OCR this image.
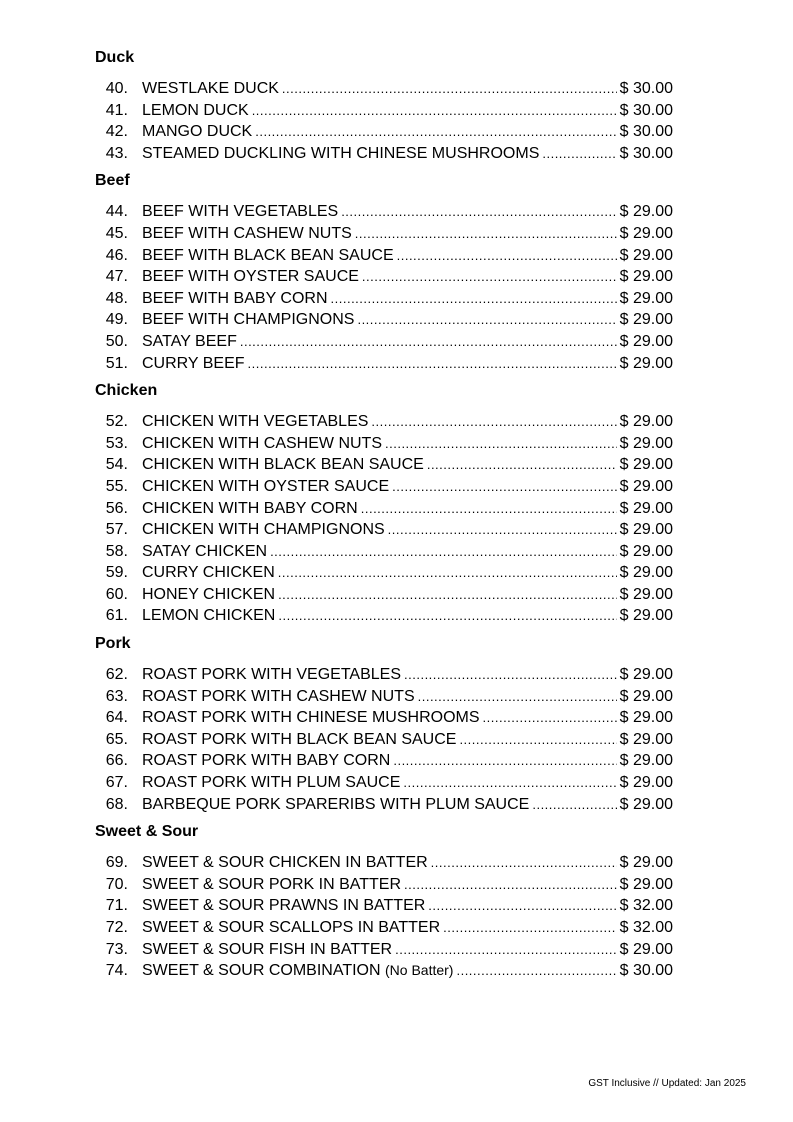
Duck
40. WESTLAKE DUCK .....	$ 30.00
41. LEMON DUCK .....	$ 30.00
42. MANGO DUCK .....	$ 30.00
43. STEAMED DUCKLING WITH CHINESE MUSHROOMS .....	$ 30.00
Beef
44. BEEF WITH VEGETABLES .....	$ 29.00
45. BEEF WITH CASHEW NUTS .....	$ 29.00
46. BEEF WITH BLACK BEAN SAUCE .....	$ 29.00
47. BEEF WITH OYSTER SAUCE .....	$ 29.00
48. BEEF WITH BABY CORN .....	$ 29.00
49. BEEF WITH CHAMPIGNONS .....	$ 29.00
50. SATAY BEEF .....	$ 29.00
51. CURRY BEEF .....	$ 29.00
Chicken
52. CHICKEN WITH VEGETABLES .....	$ 29.00
53. CHICKEN WITH CASHEW NUTS .....	$ 29.00
54. CHICKEN WITH BLACK BEAN SAUCE .....	$ 29.00
55. CHICKEN WITH OYSTER SAUCE .....	$ 29.00
56. CHICKEN WITH BABY CORN .....	$ 29.00
57. CHICKEN WITH CHAMPIGNONS .....	$ 29.00
58. SATAY CHICKEN .....	$ 29.00
59. CURRY CHICKEN .....	$ 29.00
60. HONEY CHICKEN .....	$ 29.00
61. LEMON CHICKEN .....	$ 29.00
Pork
62. ROAST PORK WITH VEGETABLES .....	$ 29.00
63. ROAST PORK WITH CASHEW NUTS .....	$ 29.00
64. ROAST PORK WITH CHINESE MUSHROOMS .....	$ 29.00
65. ROAST PORK WITH BLACK BEAN SAUCE .....	$ 29.00
66. ROAST PORK WITH BABY CORN .....	$ 29.00
67. ROAST PORK WITH PLUM SAUCE .....	$ 29.00
68. BARBEQUE PORK SPARERIBS WITH PLUM SAUCE .....	$ 29.00
Sweet & Sour
69. SWEET & SOUR CHICKEN IN BATTER .....	$ 29.00
70. SWEET & SOUR PORK IN BATTER .....	$ 29.00
71. SWEET & SOUR PRAWNS IN BATTER .....	$ 32.00
72. SWEET & SOUR SCALLOPS IN BATTER .....	$ 32.00
73. SWEET & SOUR FISH IN BATTER .....	$ 29.00
74. SWEET & SOUR COMBINATION (No Batter) .....	$ 30.00
GST Inclusive // Updated: Jan 2025
